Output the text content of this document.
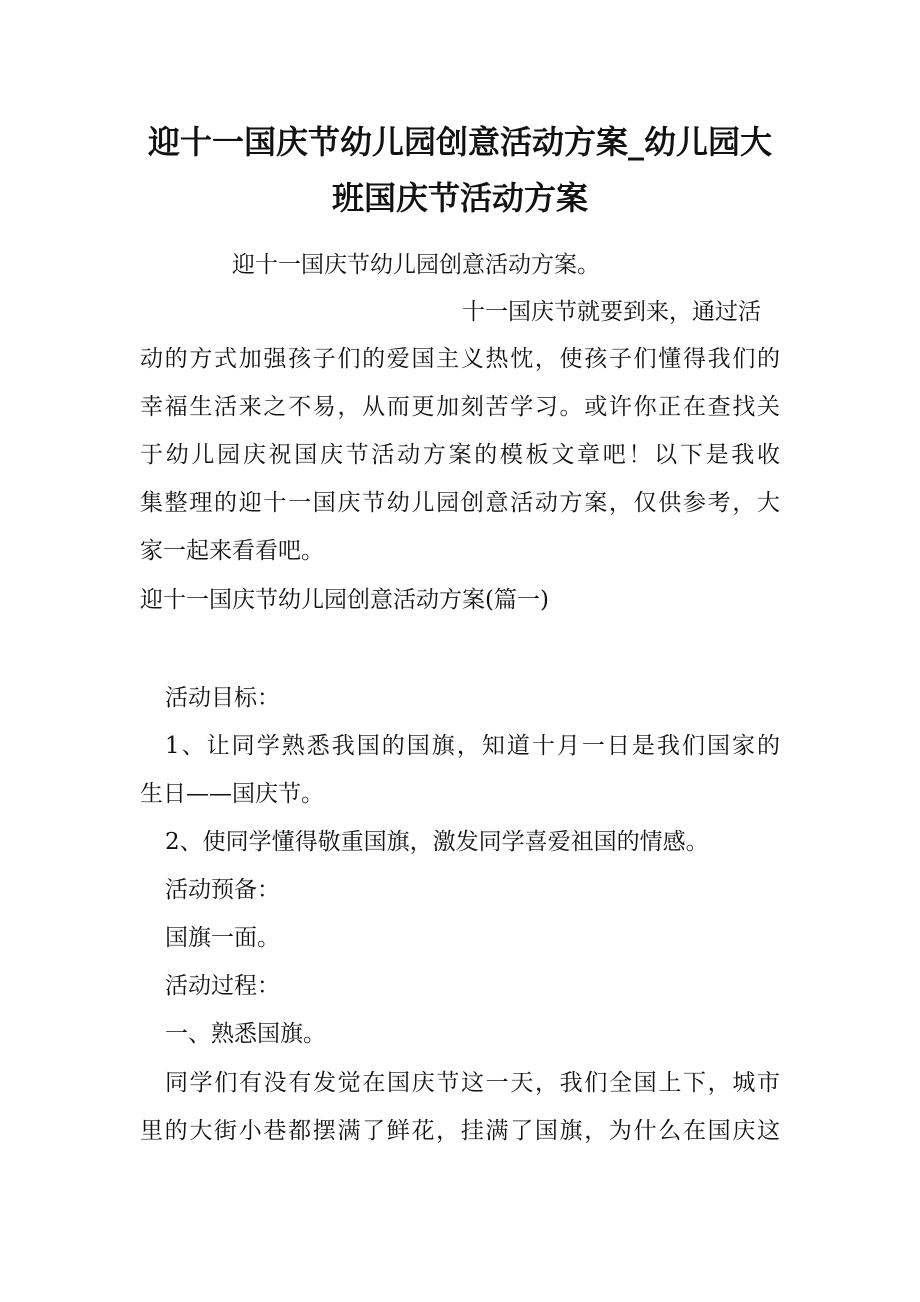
迎十一国庆节幼儿园创意活动方案_幼儿园大班国庆节活动方案

迎十一国庆节幼儿园创意活动方案。

十一国庆节就要到来，通过活

动的方式加强孩子们的爱国主义热忱，使孩子们懂得我们的

幸福生活来之不易，从而更加刻苦学习。或许你正在查找关

于幼儿园庆祝国庆节活动方案的模板文章吧！以下是我收

集整理的迎十一国庆节幼儿园创意活动方案，仅供参考，大

家一起来看看吧。

迎十一国庆节幼儿园创意活动方案(篇一)

活动目标：

1、让同学熟悉我国的国旗，知道十月一日是我们国家的

生日——国庆节。

2、使同学懂得敬重国旗，激发同学喜爱祖国的情感。

活动预备：

国旗一面。

活动过程：

一、熟悉国旗。

同学们有没有发觉在国庆节这一天，我们全国上下，城市

里的大街小巷都摆满了鲜花，挂满了国旗，为什么在国庆这
